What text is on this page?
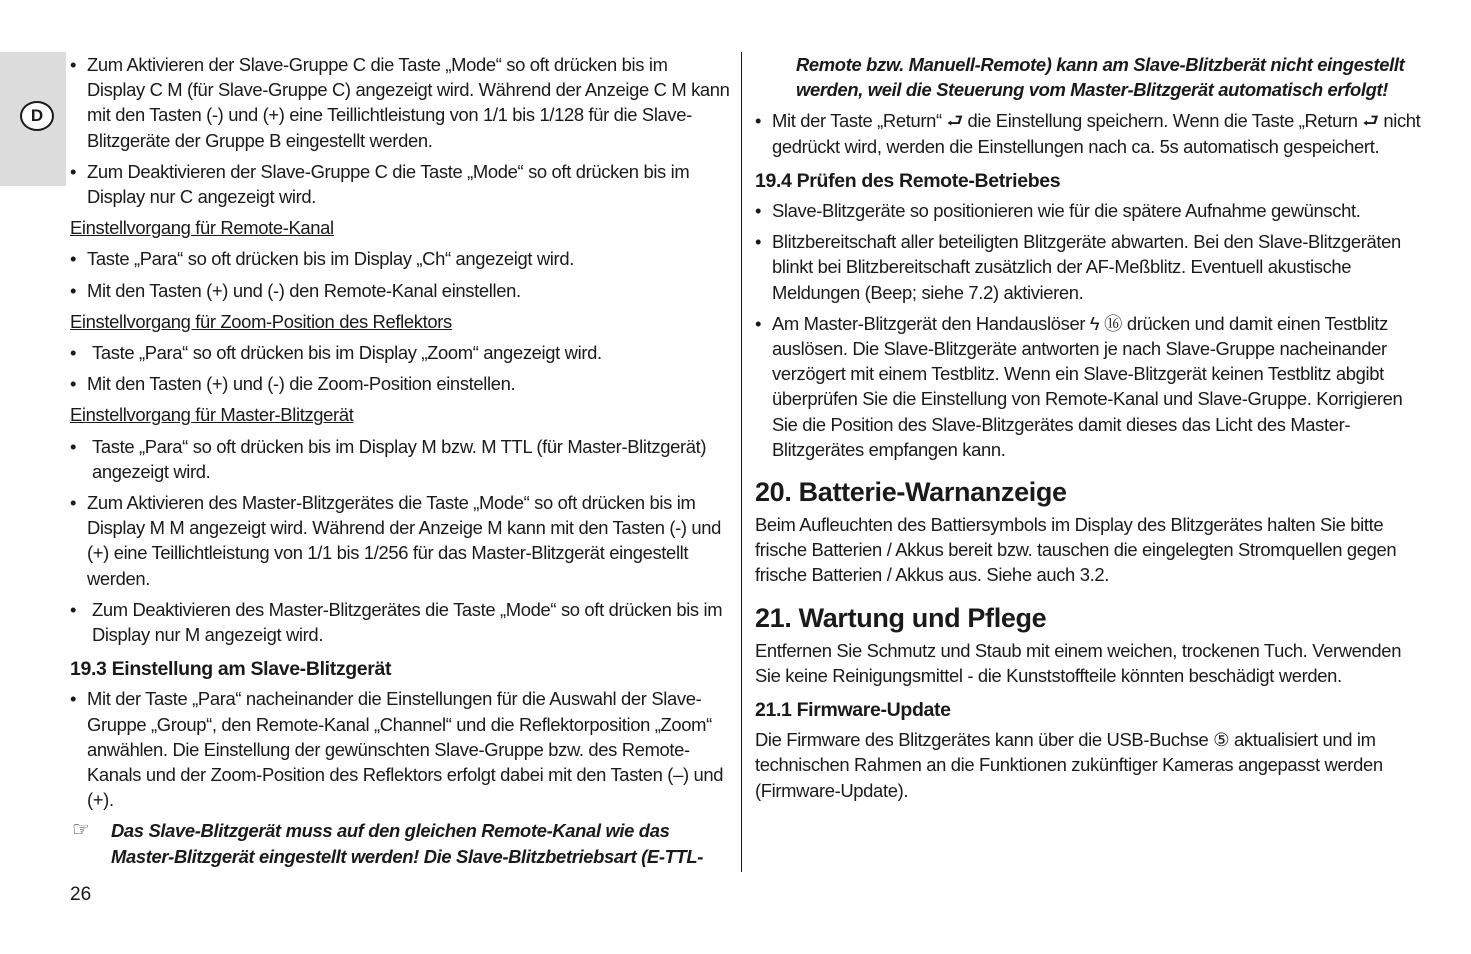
D

• Zum Aktivieren der Slave-Gruppe C die Taste „Mode“ so oft drücken bis im Display C M (für Slave-Gruppe C) angezeigt wird. Während der Anzeige C M kann mit den Tasten (-) und (+) eine Teillichtleistung von 1/1 bis 1/128 für die Slave-Blitzgeräte der Gruppe B eingestellt werden.

• Zum Deaktivieren der Slave-Gruppe C die Taste „Mode“ so oft drücken bis im Display nur C angezeigt wird.

Einstellvorgang für Remote-Kanal

• Taste „Para“ so oft drücken bis im Display „Ch“ angezeigt wird.

• Mit den Tasten (+) und (-) den Remote-Kanal einstellen.

Einstellvorgang für Zoom-Position des Reflektors

• Taste „Para“ so oft drücken bis im Display „Zoom“ angezeigt wird.

• Mit den Tasten (+) und (-) die Zoom-Position einstellen.

Einstellvorgang für Master-Blitzgerät

• Taste „Para“ so oft drücken bis im Display M bzw. M TTL (für Master-Blitzgerät) angezeigt wird.

• Zum Aktivieren des Master-Blitzgerätes die Taste „Mode“ so oft drücken bis im Display M M angezeigt wird. Während der Anzeige M kann mit den Tasten (-) und (+) eine Teillichtleistung von 1/1 bis 1/256 für das Master-Blitzgerät eingestellt werden.

• Zum Deaktivieren des Master-Blitzgerätes die Taste „Mode“ so oft drücken bis im Display nur M angezeigt wird.

19.3 Einstellung am Slave-Blitzgerät

• Mit der Taste „Para“ nacheinander die Einstellungen für die Auswahl der Slave-Gruppe „Group“, den Remote-Kanal „Channel“ und die Reflektorposition „Zoom“ anwählen. Die Einstellung der gewünschten Slave-Gruppe bzw. des Remote-Kanals und der Zoom-Position des Reflektors erfolgt dabei mit den Tasten (–) und (+).

☞ Das Slave-Blitzgerät muss auf den gleichen Remote-Kanal wie das Master-Blitzgerät eingestellt werden! Die Slave-Blitzbetriebsart (E-TTL-

Remote bzw. Manuell-Remote) kann am Slave-Blitzberät nicht eingestellt werden, weil die Steuerung vom Master-Blitzgerät automatisch erfolgt!

• Mit der Taste „Return“ ⮐ die Einstellung speichern. Wenn die Taste „Return ⮐ nicht gedrückt wird, werden die Einstellungen nach ca. 5s automatisch gespeichert.

19.4 Prüfen des Remote-Betriebes

• Slave-Blitzgeräte so positionieren wie für die spätere Aufnahme gewünscht.

• Blitzbereitschaft aller beteiligten Blitzgeräte abwarten. Bei den Slave-Blitzgeräten blinkt bei Blitzbereitschaft zusätzlich der AF-Meßblitz. Eventuell akustische Meldungen (Beep; siehe 7.2) aktivieren.

• Am Master-Blitzgerät den Handauslöser ϟ ⑯ drücken und damit einen Testblitz auslösen. Die Slave-Blitzgeräte antworten je nach Slave-Gruppe nacheinander verzögert mit einem Testblitz. Wenn ein Slave-Blitzgerät keinen Testblitz abgibt überprüfen Sie die Einstellung von Remote-Kanal und Slave-Gruppe. Korrigieren Sie die Position des Slave-Blitzgerätes damit dieses das Licht des Master-Blitzgerätes empfangen kann.

20. Batterie-Warnanzeige

Beim Aufleuchten des Battiersymbols im Display des Blitzgerätes halten Sie bitte frische Batterien / Akkus bereit bzw. tauschen die eingelegten Stromquellen gegen frische Batterien / Akkus aus. Siehe auch 3.2.

21. Wartung und Pflege

Entfernen Sie Schmutz und Staub mit einem weichen, trockenen Tuch. Verwenden Sie keine Reinigungsmittel - die Kunststoffteile könnten beschädigt werden.

21.1 Firmware-Update

Die Firmware des Blitzgerätes kann über die USB-Buchse ⑤ aktualisiert und im technischen Rahmen an die Funktionen zukünftiger Kameras angepasst werden (Firmware-Update).

26
